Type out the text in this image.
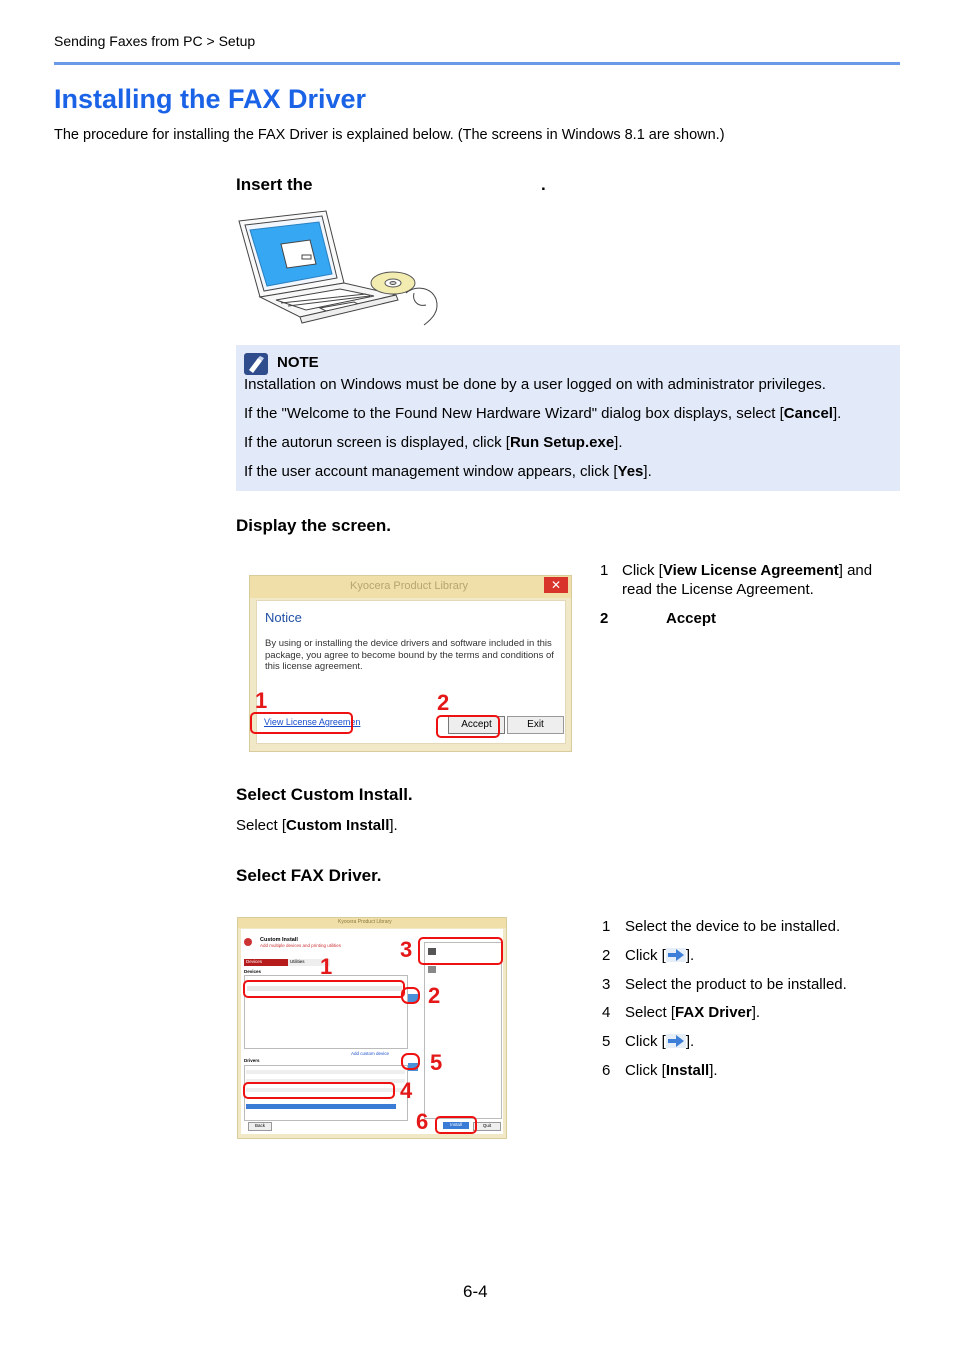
Sending Faxes from PC > Setup
Installing the FAX Driver
The procedure for installing the FAX Driver is explained below. (The screens in Windows 8.1 are shown.)
Insert the	.
NOTE
Installation on Windows must be done by a user logged on with administrator privileges.
If the "Welcome to the Found New Hardware Wizard" dialog box displays, select [Cancel].
If the autorun screen is displayed, click [Run Setup.exe].
If the user account management window appears, click [Yes].
Display the screen.
Kyocera Product Library	✕
Notice
By using or installing the device drivers and software included in this package, you agree to become bound by the terms and conditions of this license agreement.
View License Agreemen	Accept	Exit
1	2
1 Click [View License Agreement] and
read the License Agreement.
2	Accept
Select Custom Install.
Select [Custom Install].
Select FAX Driver.
Kyocera Product Library
Custom Install
Add multiple devices and printing utilities
Devices	Utilities
Devices
Add custom device
Drivers
Back	Install	Quit
1
2
3
4
5
6
1 Select the device to be installed.
2 Click [ ].
3 Select the product to be installed.
4 Select [FAX Driver].
5 Click [ ].
6 Click [Install].
6-4
